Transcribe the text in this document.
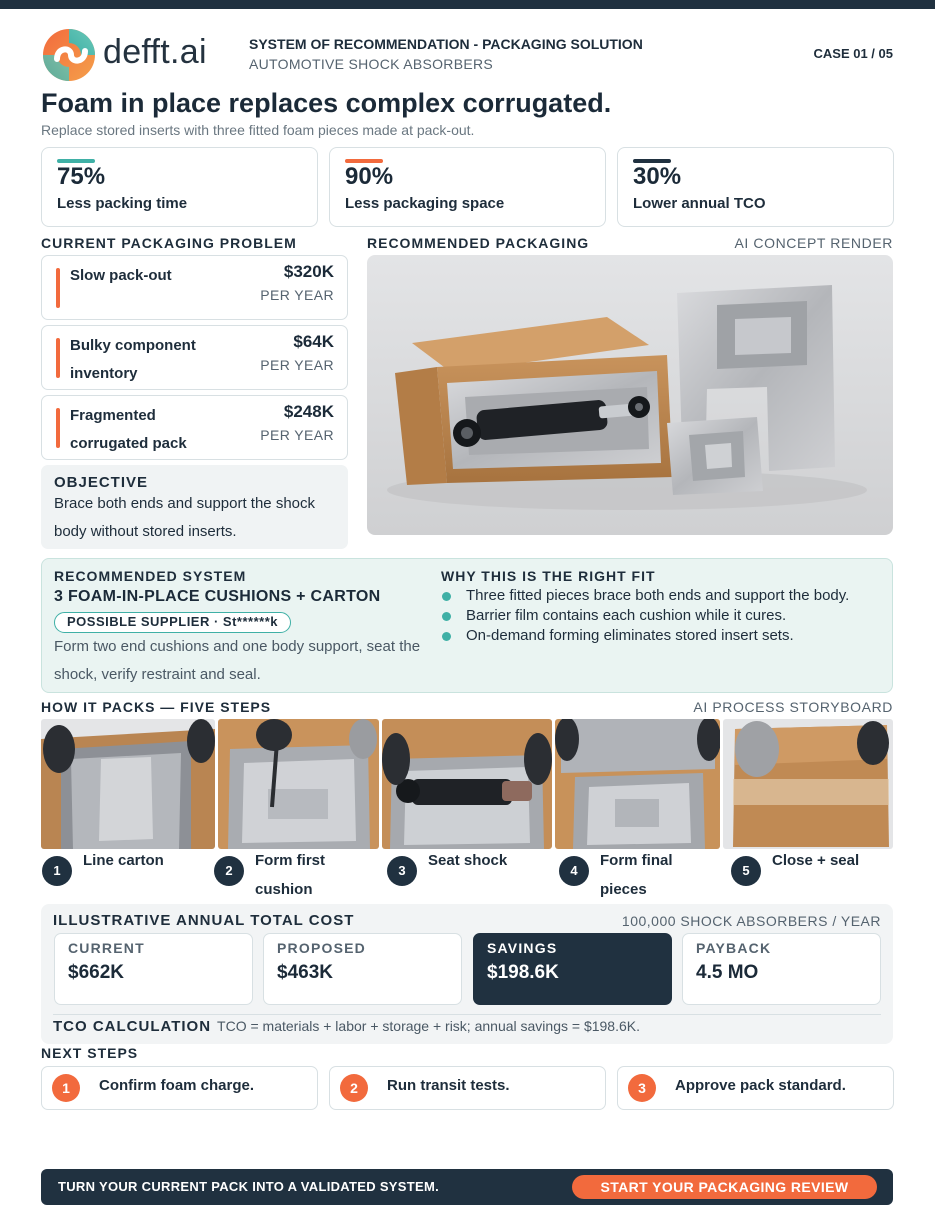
defft.ai	SYSTEM OF RECOMMENDATION - PACKAGING SOLUTION
AUTOMOTIVE SHOCK ABSORBERS
CASE 01 / 05
Foam in place replaces complex corrugated.
Replace stored inserts with three fitted foam pieces made at pack-out.
75%
Less packing time
90%
Less packaging space
30%
Lower annual TCO
CURRENT PACKAGING PROBLEM
Slow pack-out	$320K
PER YEAR
Bulky component inventory
$64K
PER YEAR
Fragmented corrugated pack
$248K
PER YEAR
OBJECTIVE
Brace both ends and support the shock body without stored inserts.
RECOMMENDED PACKAGING	AI CONCEPT RENDER
RECOMMENDED SYSTEM
3 FOAM-IN-PLACE CUSHIONS + CARTON
POSSIBLE SUPPLIER · St******k
Form two end cushions and one body support, seat the shock, verify restraint and seal.
WHY THIS IS THE RIGHT FIT
Three fitted pieces brace both ends and support the body.
Barrier film contains each cushion while it cures.
On-demand forming eliminates stored insert sets.
HOW IT PACKS — FIVE STEPS	AI PROCESS STORYBOARD
1
Line carton
2
Form first cushion
3
Seat shock
4
Form final pieces
5
Close + seal
ILLUSTRATIVE ANNUAL TOTAL COST	100,000 SHOCK ABSORBERS / YEAR
CURRENT
$662K
PROPOSED
$463K
SAVINGS
$198.6K
PAYBACK
4.5 MO
TCO CALCULATION TCO = materials + labor + storage + risk; annual savings = $198.6K.
NEXT STEPS
1	Confirm foam charge.	2	Run transit tests.	3	Approve pack standard.
TURN YOUR CURRENT PACK INTO A VALIDATED SYSTEM.	START YOUR PACKAGING REVIEW
